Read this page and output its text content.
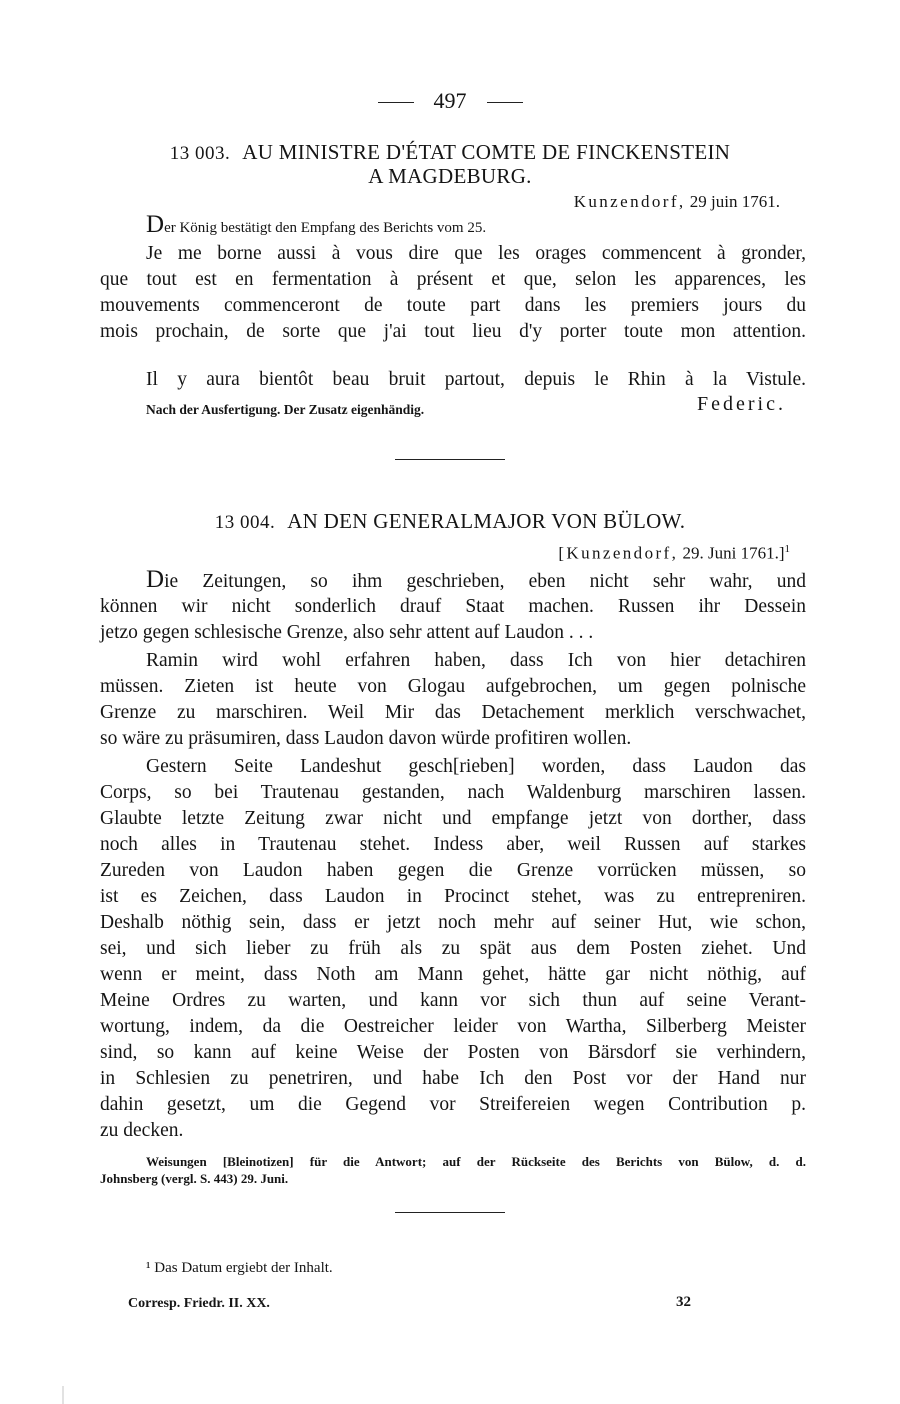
497
13 003. AU MINISTRE D'ÉTAT COMTE DE FINCKENSTEIN
A MAGDEBURG.
Kunzendorf, 29 juin 1761.
Der König bestätigt den Empfang des Berichts vom 25.
Je me borne aussi à vous dire que les orages commencent à gronder,
que tout est en fermentation à présent et que, selon les apparences, les
mouvements commenceront de toute part dans les premiers jours du
mois prochain, de sorte que j'ai tout lieu d'y porter toute mon attention.
Il y aura bientôt beau bruit partout, depuis le Rhin à la Vistule.
Nach der Ausfertigung. Der Zusatz eigenhändig.	Federic.
13 004. AN DEN GENERALMAJOR VON BÜLOW.
[Kunzendorf, 29. Juni 1761.]$^1$
Die Zeitungen, so ihm geschrieben, eben nicht sehr wahr, und
können wir nicht sonderlich drauf Staat machen. Russen ihr Dessein
jetzo gegen schlesische Grenze, also sehr attent auf Laudon . . .
Ramin wird wohl erfahren haben, dass Ich von hier detachiren
müssen. Zieten ist heute von Glogau aufgebrochen, um gegen polnische
Grenze zu marschiren. Weil Mir das Detachement merklich verschwachet,
so wäre zu präsumiren, dass Laudon davon würde profitiren wollen.
Gestern Seite Landeshut gesch[rieben] worden, dass Laudon das
Corps, so bei Trautenau gestanden, nach Waldenburg marschiren lassen.
Glaubte letzte Zeitung zwar nicht und empfange jetzt von dorther, dass
noch alles in Trautenau stehet. Indess aber, weil Russen auf starkes
Zureden von Laudon haben gegen die Grenze vorrücken müssen, so
ist es Zeichen, dass Laudon in Procinct stehet, was zu entrepreniren.
Deshalb nöthig sein, dass er jetzt noch mehr auf seiner Hut, wie schon,
sei, und sich lieber zu früh als zu spät aus dem Posten ziehet. Und
wenn er meint, dass Noth am Mann gehet, hätte gar nicht nöthig, auf
Meine Ordres zu warten, und kann vor sich thun auf seine Verant-
wortung, indem, da die Oestreicher leider von Wartha, Silberberg Meister
sind, so kann auf keine Weise der Posten von Bärsdorf sie verhindern,
in Schlesien zu penetriren, und habe Ich den Post vor der Hand nur
dahin gesetzt, um die Gegend vor Streifereien wegen Contribution p.
zu decken.
Weisungen [Bleinotizen] für die Antwort; auf der Rückseite des Berichts von Bülow, d. d.
Johnsberg (vergl. S. 443) 29. Juni.
¹ Das Datum ergiebt der Inhalt.
Corresp. Friedr. II. XX.	32
